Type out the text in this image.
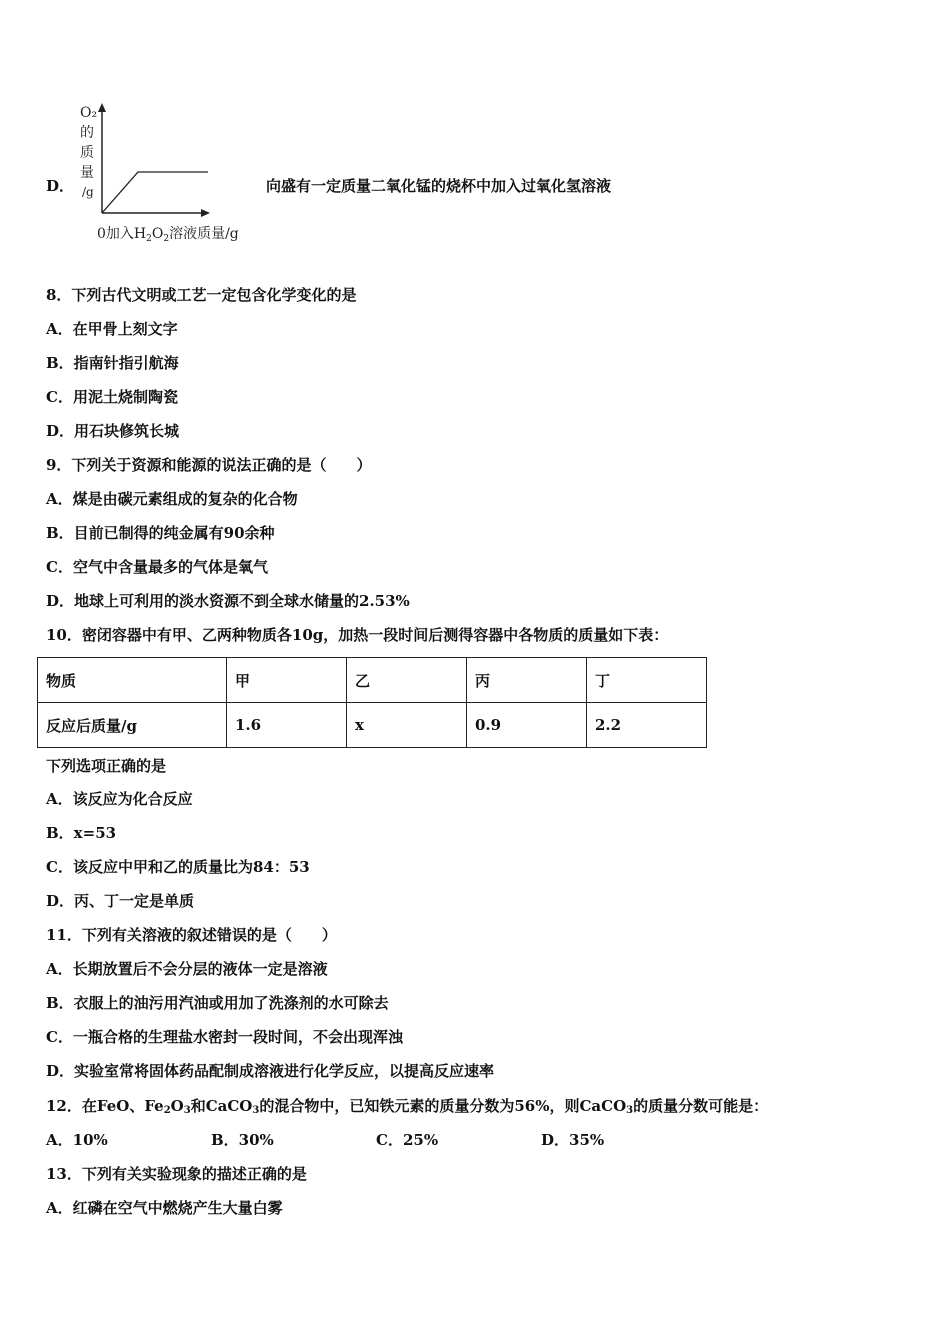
D．
O₂
的
质
量
/g
0加入$H_2O_2$溶液质量/g
向盛有一定质量二氧化锰的烧杯中加入过氧化氢溶液
8．下列古代文明或工艺一定包含化学变化的是
A．在甲骨上刻文字
B．指南针指引航海
C．用泥土烧制陶瓷
D．用石块修筑长城
9．下列关于资源和能源的说法正确的是（　　）
A．煤是由碳元素组成的复杂的化合物
B．目前已制得的纯金属有90余种
C．空气中含量最多的气体是氧气
D．地球上可利用的淡水资源不到全球水储量的2.53%
10．密闭容器中有甲、乙两种物质各10g，加热一段时间后测得容器中各物质的质量如下表：
物质	甲	乙	丙	丁
反应后质量/g	1.6	x	0.9	2.2
下列选项正确的是
A．该反应为化合反应
B．x=53
C．该反应中甲和乙的质量比为84：53
D．丙、丁一定是单质
11．下列有关溶液的叙述错误的是（　　）
A．长期放置后不会分层的液体一定是溶液
B．衣服上的油污用汽油或用加了洗涤剂的水可除去
C．一瓶合格的生理盐水密封一段时间，不会出现浑浊
D．实验室常将固体药品配制成溶液进行化学反应，以提高反应速率
12．在FeO、$Fe_2O_3$和CaCO$_3$的混合物中，已知铁元素的质量分数为56%，则CaCO$_3$的质量分数可能是：
A．10%	B．30%	C．25%	D．35%
13．下列有关实验现象的描述正确的是
A．红磷在空气中燃烧产生大量白雾
